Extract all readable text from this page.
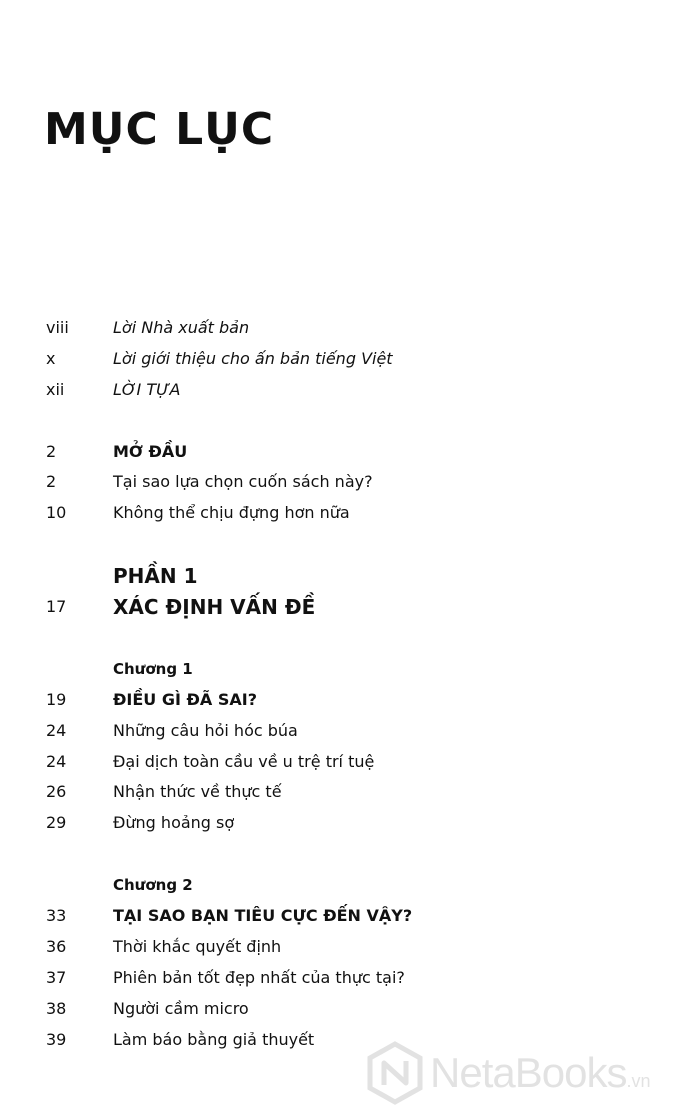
MỤC LỤC
viii	Lời Nhà xuất bản
x	Lời giới thiệu cho ấn bản tiếng Việt
xii	LỜI TỰA
2	MỞ ĐẦU
2	Tại sao lựa chọn cuốn sách này?
10	Không thể chịu đựng hơn nữa
PHẦN 1
17 XÁC ĐỊNH VẤN ĐỀ
Chương 1
19	ĐIỀU GÌ ĐÃ SAI?
24	Những câu hỏi hóc búa
24	Đại dịch toàn cầu về u trệ trí tuệ
26	Nhận thức về thực tế
29	Đừng hoảng sợ
Chương 2
33	TẠI SAO BẠN TIÊU CỰC ĐẾN VẬY?
36	Thời khắc quyết định
37	Phiên bản tốt đẹp nhất của thực tại?
38	Người cầm micro
39	Làm báo bằng giả thuyết
NetaBooks.vn
